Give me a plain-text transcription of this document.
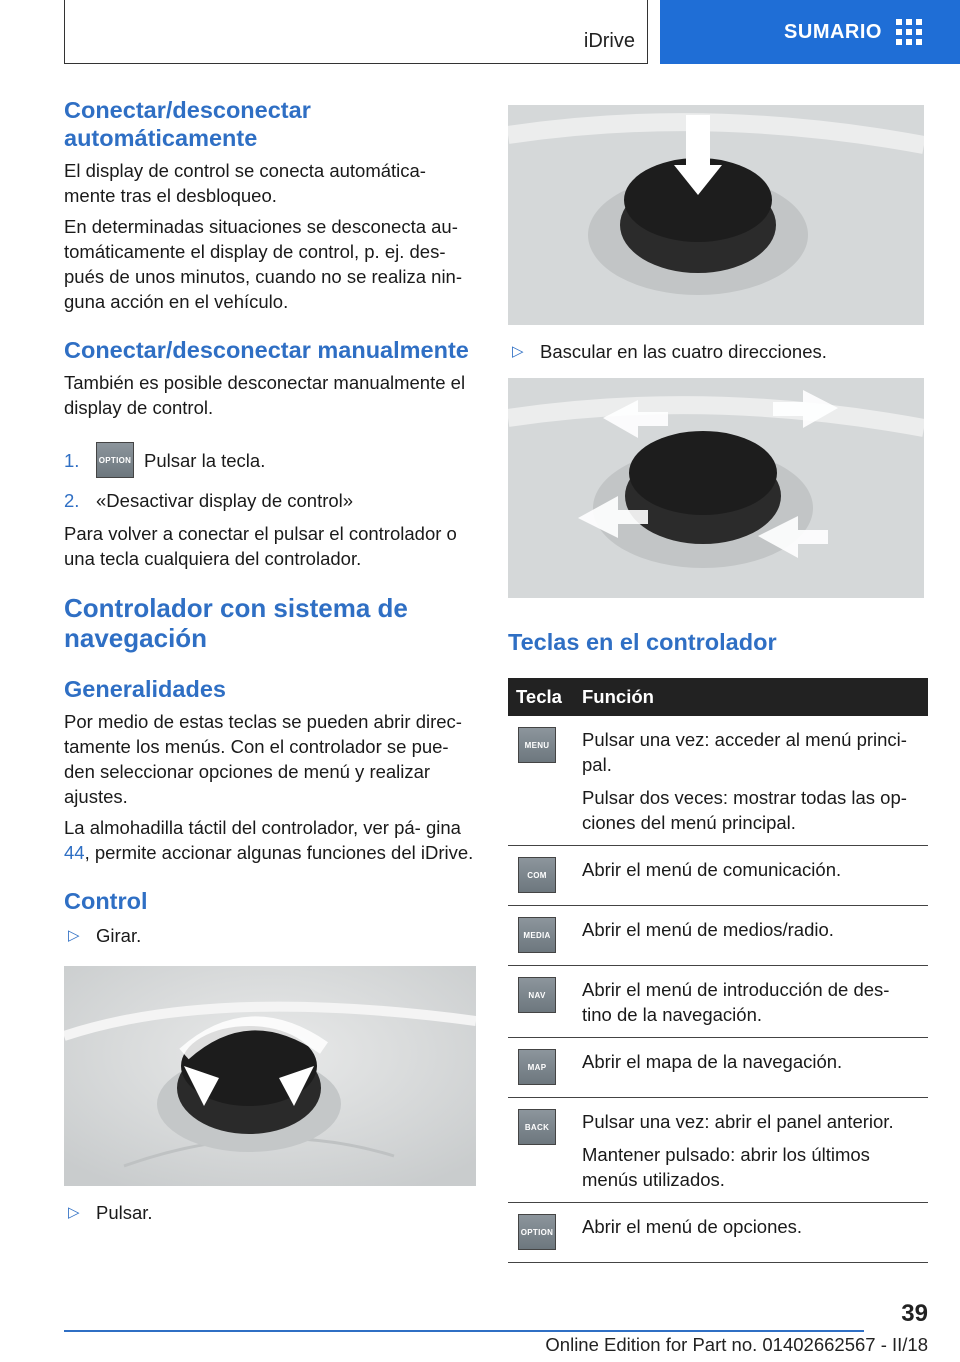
iDrive	SUMARIO
Conectar/desconectar automáticamente

El display de control se conecta automática- mente tras el desbloqueo.

En determinadas situaciones se desconecta au- tomáticamente el display de control, p. ej. des- pués de unos minutos, cuando no se realiza nin- guna acción en el vehículo.

Conectar/desconectar manualmente

También es posible desconectar manualmente el display de control.

1.	OPTION Pulsar la tecla.
2. «Desactivar display de control»

Para volver a conectar el pulsar el controlador o una tecla cualquiera del controlador.

Controlador con sistema de navegación
Generalidades

Por medio de estas teclas se pueden abrir direc- tamente los menús. Con el controlador se pue- den seleccionar opciones de menú y realizar ajustes.

La almohadilla táctil del controlador, ver pá- gina 44, permite accionar algunas funciones del iDrive.

Control
▷ Girar.
▷ Pulsar.
▷ Bascular en las cuatro direcciones.
Teclas en el controlador
Tecla	Función
MENU	Pulsar una vez: acceder al menú princi- pal.

Pulsar dos veces: mostrar todas las op- ciones del menú principal.

COM	Abrir el menú de comunicación.

MEDIA	Abrir el menú de medios/radio.

NAV	Abrir el menú de introducción de des- tino de la navegación.

MAP	Abrir el mapa de la navegación.

BACK	Pulsar una vez: abrir el panel anterior.

Mantener pulsado: abrir los últimos menús utilizados.

OPTION	Abrir el menú de opciones.

39
Online Edition for Part no. 01402662567 - II/18
